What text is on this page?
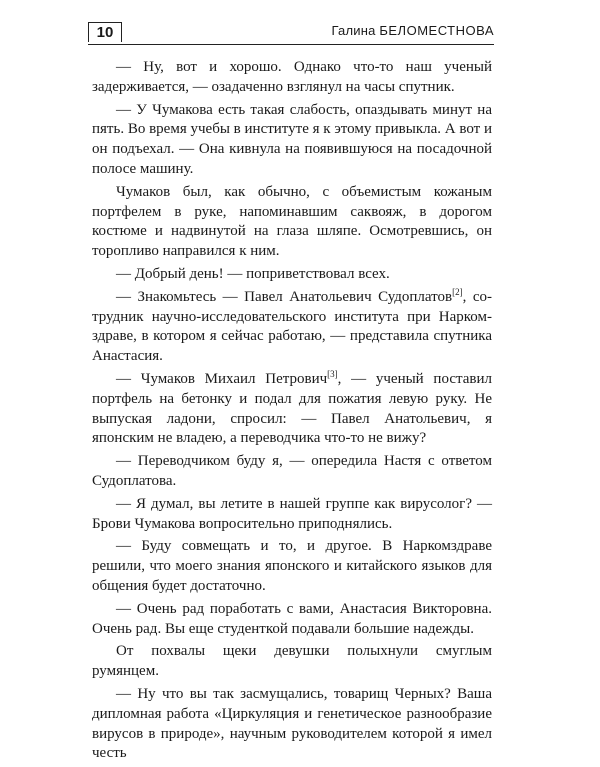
10	Галина БЕЛОМЕСТНОВА

— Ну, вот и хорошо. Однако что-то наш ученый задерживается, — озадаченно взглянул на часы спутник.

— У Чумакова есть такая слабость, опаздывать минут на пять. Во время учебы в институте я к этому привыкла. А вот и он подъехал. — Она кивнула на появившуюся на посадочной полосе машину.

Чумаков был, как обычно, с объемистым кожаным портфелем в руке, напоминавшим саквояж, в дорогом костюме и надвинутой на глаза шляпе. Осмотревшись, он торопливо направился к ним.

— Добрый день! — поприветствовал всех.

— Знакомьтесь — Павел Анатольевич Судоплатов[2], сотрудник научно-исследовательского института при Наркомздраве, в котором я сейчас работаю, — представила спутника Анастасия.

— Чумаков Михаил Петрович[3], — ученый поставил портфель на бетонку и подал для пожатия левую руку. Не выпуская ладони, спросил: — Павел Анатольевич, я японским не владею, а переводчика что-то не вижу?

— Переводчиком буду я, — опередила Настя с ответом Судоплатова.

— Я думал, вы летите в нашей группе как вирусолог? — Брови Чумакова вопросительно приподнялись.

— Буду совмещать и то, и другое. В Наркомздраве решили, что моего знания японского и китайского языков для общения будет достаточно.

— Очень рад поработать с вами, Анастасия Викторовна. Очень рад. Вы еще студенткой подавали большие надежды.

От похвалы щеки девушки полыхнули смуглым румянцем.

— Ну что вы так засмущались, товарищ Черных? Ваша дипломная работа «Циркуляция и генетическое разнообразие вирусов в природе», научным руководителем которой я имел честь
